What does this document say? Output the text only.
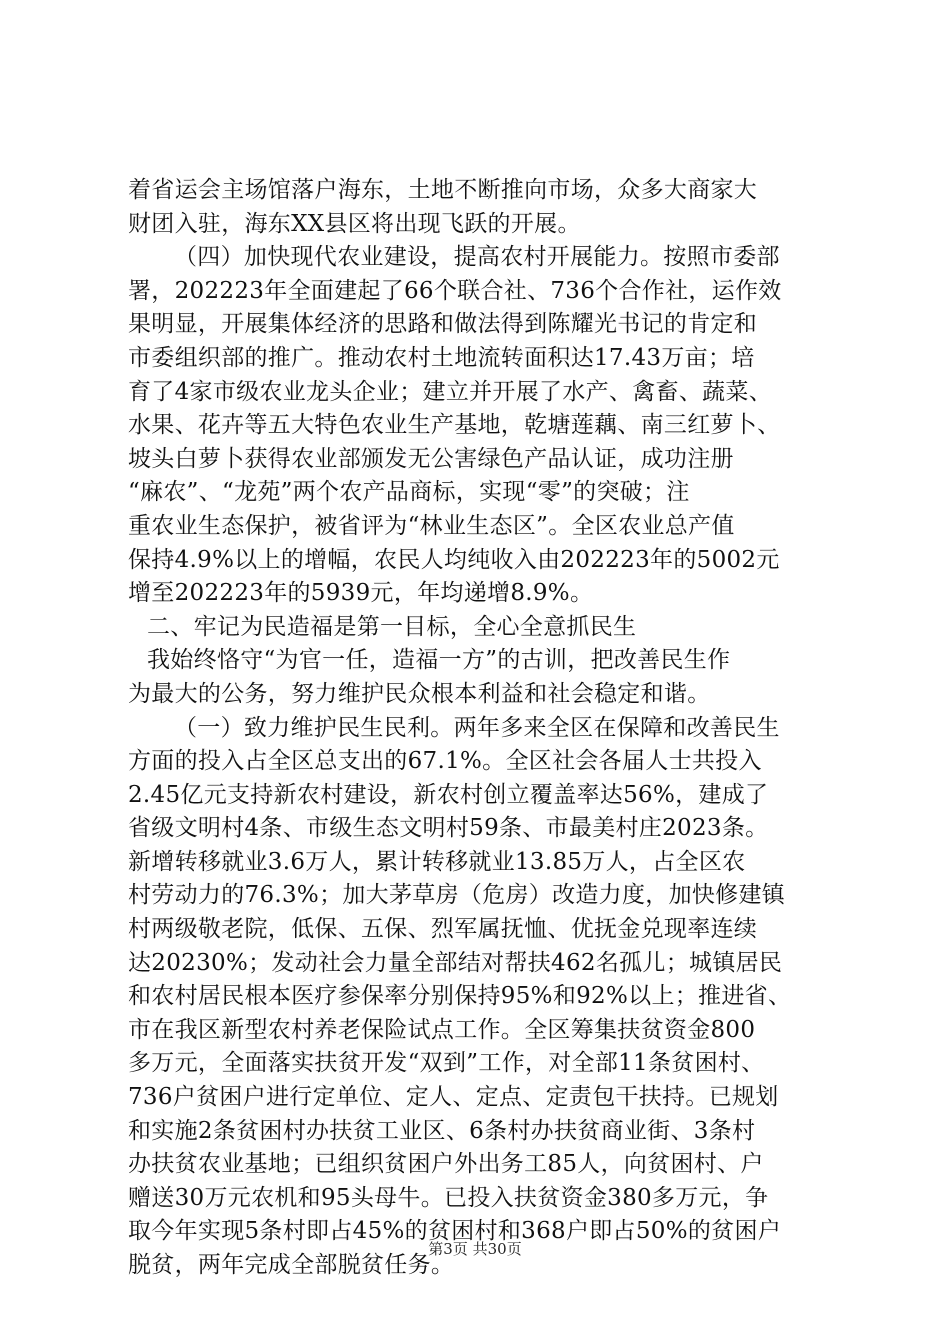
着省运会主场馆落户海东，土地不断推向市场，众多大商家大
财团入驻，海东XX县区将出现飞跃的开展。
（四）加快现代农业建设，提高农村开展能力。按照市委部
署，202223年全面建起了66个联合社、736个合作社，运作效
果明显，开展集体经济的思路和做法得到陈耀光书记的肯定和
市委组织部的推广。推动农村土地流转面积达17.43万亩；培
育了4家市级农业龙头企业；建立并开展了水产、禽畜、蔬菜、
水果、花卉等五大特色农业生产基地，乾塘莲藕、南三红萝卜、
坡头白萝卜获得农业部颁发无公害绿色产品认证，成功注册
“麻农”、“龙苑”两个农产品商标，实现“零”的突破；注
重农业生态保护，被省评为“林业生态区”。全区农业总产值
保持4.9%以上的增幅，农民人均纯收入由202223年的5002元
增至202223年的5939元，年均递增8.9%。
二、牢记为民造福是第一目标，全心全意抓民生
我始终恪守“为官一任，造福一方”的古训，把改善民生作
为最大的公务，努力维护民众根本利益和社会稳定和谐。
（一）致力维护民生民利。两年多来全区在保障和改善民生
方面的投入占全区总支出的67.1%。全区社会各届人士共投入
2.45亿元支持新农村建设，新农村创立覆盖率达56%，建成了
省级文明村4条、市级生态文明村59条、市最美村庄2023条。
新增转移就业3.6万人，累计转移就业13.85万人，占全区农
村劳动力的76.3%；加大茅草房（危房）改造力度，加快修建镇
村两级敬老院，低保、五保、烈军属抚恤、优抚金兑现率连续
达20230%；发动社会力量全部结对帮扶462名孤儿；城镇居民
和农村居民根本医疗参保率分别保持95%和92%以上；推进省、
市在我区新型农村养老保险试点工作。全区筹集扶贫资金800
多万元，全面落实扶贫开发“双到”工作，对全部11条贫困村、
736户贫困户进行定单位、定人、定点、定责包干扶持。已规划
和实施2条贫困村办扶贫工业区、6条村办扶贫商业街、3条村
办扶贫农业基地；已组织贫困户外出务工85人，向贫困村、户
赠送30万元农机和95头母牛。已投入扶贫资金380多万元，争
取今年实现5条村即占45%的贫困村和368户即占50%的贫困户
脱贫，两年完成全部脱贫任务。
第3页 共30页
